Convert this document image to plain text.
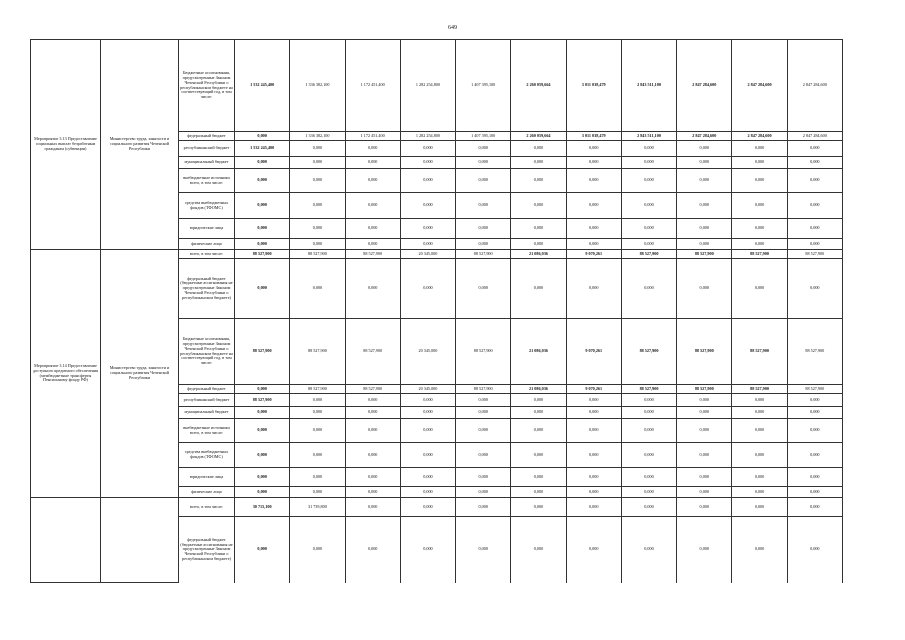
649
Мероприятие 3.13 Предоставление социальных выплат безработным гражданам (субвенции)	Министерство труда, занятости и социального развития Чеченской Республики	Бюджетные ассигнования, предусмотренные Законом Чеченской Республики о республиканском бюджете на соответствующий год, в том числе:	1 532 245,400	1 336 382,100	1 172 451,400	1 282 254,800	1 407 395,100	2 260 059,664	3 011 038,479	2 843 511,100	2 847 284,600	2 847 284,600	2 847 284,600
		федеральный бюджет	0,000	1 336 382,100	1 172 451,400	1 282 254,800	1 407 395,100	2 260 059,664	3 011 038,479	2 843 511,100	2 847 284,600	2 847 284,600	2 847 284,600
		республиканский бюджет	1 532 245,400	0,000	0,000	0,000	0,000	0,000	0,000	0,000	0,000	0,000	0,000
		муниципальный бюджет	0,000	0,000	0,000	0,000	0,000	0,000	0,000	0,000	0,000	0,000	0,000
		внебюджетные источники всего, в том числе:	0,000	0,000	0,000	0,000	0,000	0,000	0,000	0,000	0,000	0,000	0,000
		средства внебюджетных фондов (ТФОМС)	0,000	0,000	0,000	0,000	0,000	0,000	0,000	0,000	0,000	0,000	0,000
		юридические лица	0,000	0,000	0,000	0,000	0,000	0,000	0,000	0,000	0,000	0,000	0,000
		физические лица	0,000	0,000	0,000	0,000	0,000	0,000	0,000	0,000	0,000	0,000	0,000
Мероприятие 3.14 Предоставление доступного кредитного обеспечения (межбюджетные трансферты Пенсионному фонду РФ)	Министерство труда, занятости и социального развития Чеченской Республики	всего, в том числе:	88 527,900	88 527,900	88 527,900	20 345,000	88 527,900	21 086,036	9 070,261	88 527,900	88 527,900	88 527,900	88 527,900
		федеральный бюджет (бюджетные ассигнования не предусмотренные Законом Чеченской Республики о республиканском бюджете)	0,000	0,000	0,000	0,000	0,000	0,000	0,000	0,000	0,000	0,000	0,000
		Бюджетные ассигнования, предусмотренные Законом Чеченской Республики о республиканском бюджете на соответствующий год, в том числе:	88 527,900	88 527,900	88 527,900	20 345,000	88 527,900	21 086,036	9 070,261	88 527,900	88 527,900	88 527,900	88 527,900
		федеральный бюджет	0,000	88 527,900	88 527,900	20 345,000	88 527,900	21 086,036	9 070,261	88 527,900	88 527,900	88 527,900	88 527,900
		республиканский бюджет	88 527,900	0,000	0,000	0,000	0,000	0,000	0,000	0,000	0,000	0,000	0,000
		муниципальный бюджет	0,000	0,000	0,000	0,000	0,000	0,000	0,000	0,000	0,000	0,000	0,000
		внебюджетные источники всего, в том числе:	0,000	0,000	0,000	0,000	0,000	0,000	0,000	0,000	0,000	0,000	0,000
		средства внебюджетных фондов (ТФОМС)	0,000	0,000	0,000	0,000	0,000	0,000	0,000	0,000	0,000	0,000	0,000
		юридические лица	0,000	0,000	0,000	0,000	0,000	0,000	0,000	0,000	0,000	0,000	0,000
		физические лица	0,000	0,000	0,000	0,000	0,000	0,000	0,000	0,000	0,000	0,000	0,000
		всего, в том числе:	30 715,100	31 739,800	0,000	0,000	0,000	0,000	0,000	0,000	0,000	0,000	0,000
		федеральный бюджет (бюджетные ассигнования не предусмотренные Законом Чеченской Республики о республиканском бюджете)	0,000	0,000	0,000	0,000	0,000	0,000	0,000	0,000	0,000	0,000	0,000
